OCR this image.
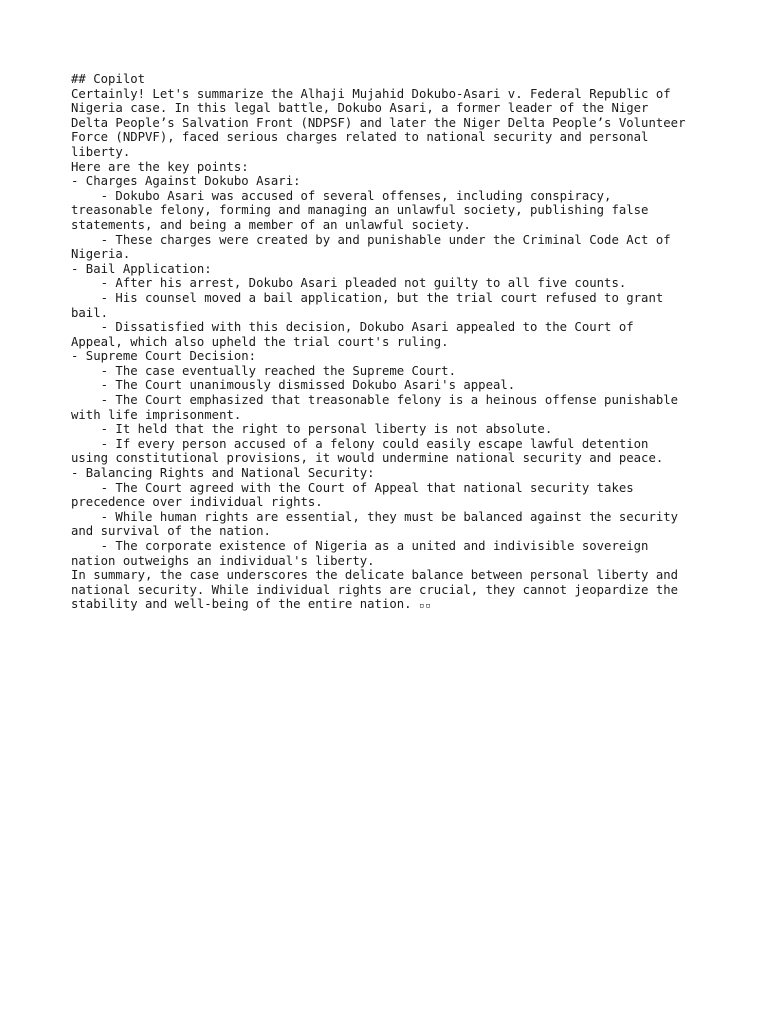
## Copilot
Certainly! Let's summarize the Alhaji Mujahid Dokubo-Asari v. Federal Republic of
Nigeria case. In this legal battle, Dokubo Asari, a former leader of the Niger
Delta People’s Salvation Front (NDPSF) and later the Niger Delta People’s Volunteer
Force (NDPVF), faced serious charges related to national security and personal
liberty.
Here are the key points:
- Charges Against Dokubo Asari:
- Dokubo Asari was accused of several offenses, including conspiracy,
treasonable felony, forming and managing an unlawful society, publishing false
statements, and being a member of an unlawful society.
- These charges were created by and punishable under the Criminal Code Act of
Nigeria.
- Bail Application:
- After his arrest, Dokubo Asari pleaded not guilty to all five counts.
- His counsel moved a bail application, but the trial court refused to grant
bail.
- Dissatisfied with this decision, Dokubo Asari appealed to the Court of
Appeal, which also upheld the trial court's ruling.
- Supreme Court Decision:
- The case eventually reached the Supreme Court.
- The Court unanimously dismissed Dokubo Asari's appeal.
- The Court emphasized that treasonable felony is a heinous offense punishable
with life imprisonment.
- It held that the right to personal liberty is not absolute.
- If every person accused of a felony could easily escape lawful detention
using constitutional provisions, it would undermine national security and peace.
- Balancing Rights and National Security:
- The Court agreed with the Court of Appeal that national security takes
precedence over individual rights.
- While human rights are essential, they must be balanced against the security
and survival of the nation.
- The corporate existence of Nigeria as a united and indivisible sovereign
nation outweighs an individual's liberty.
In summary, the case underscores the delicate balance between personal liberty and
national security. While individual rights are crucial, they cannot jeopardize the
stability and well-being of the entire nation. ▫▫
